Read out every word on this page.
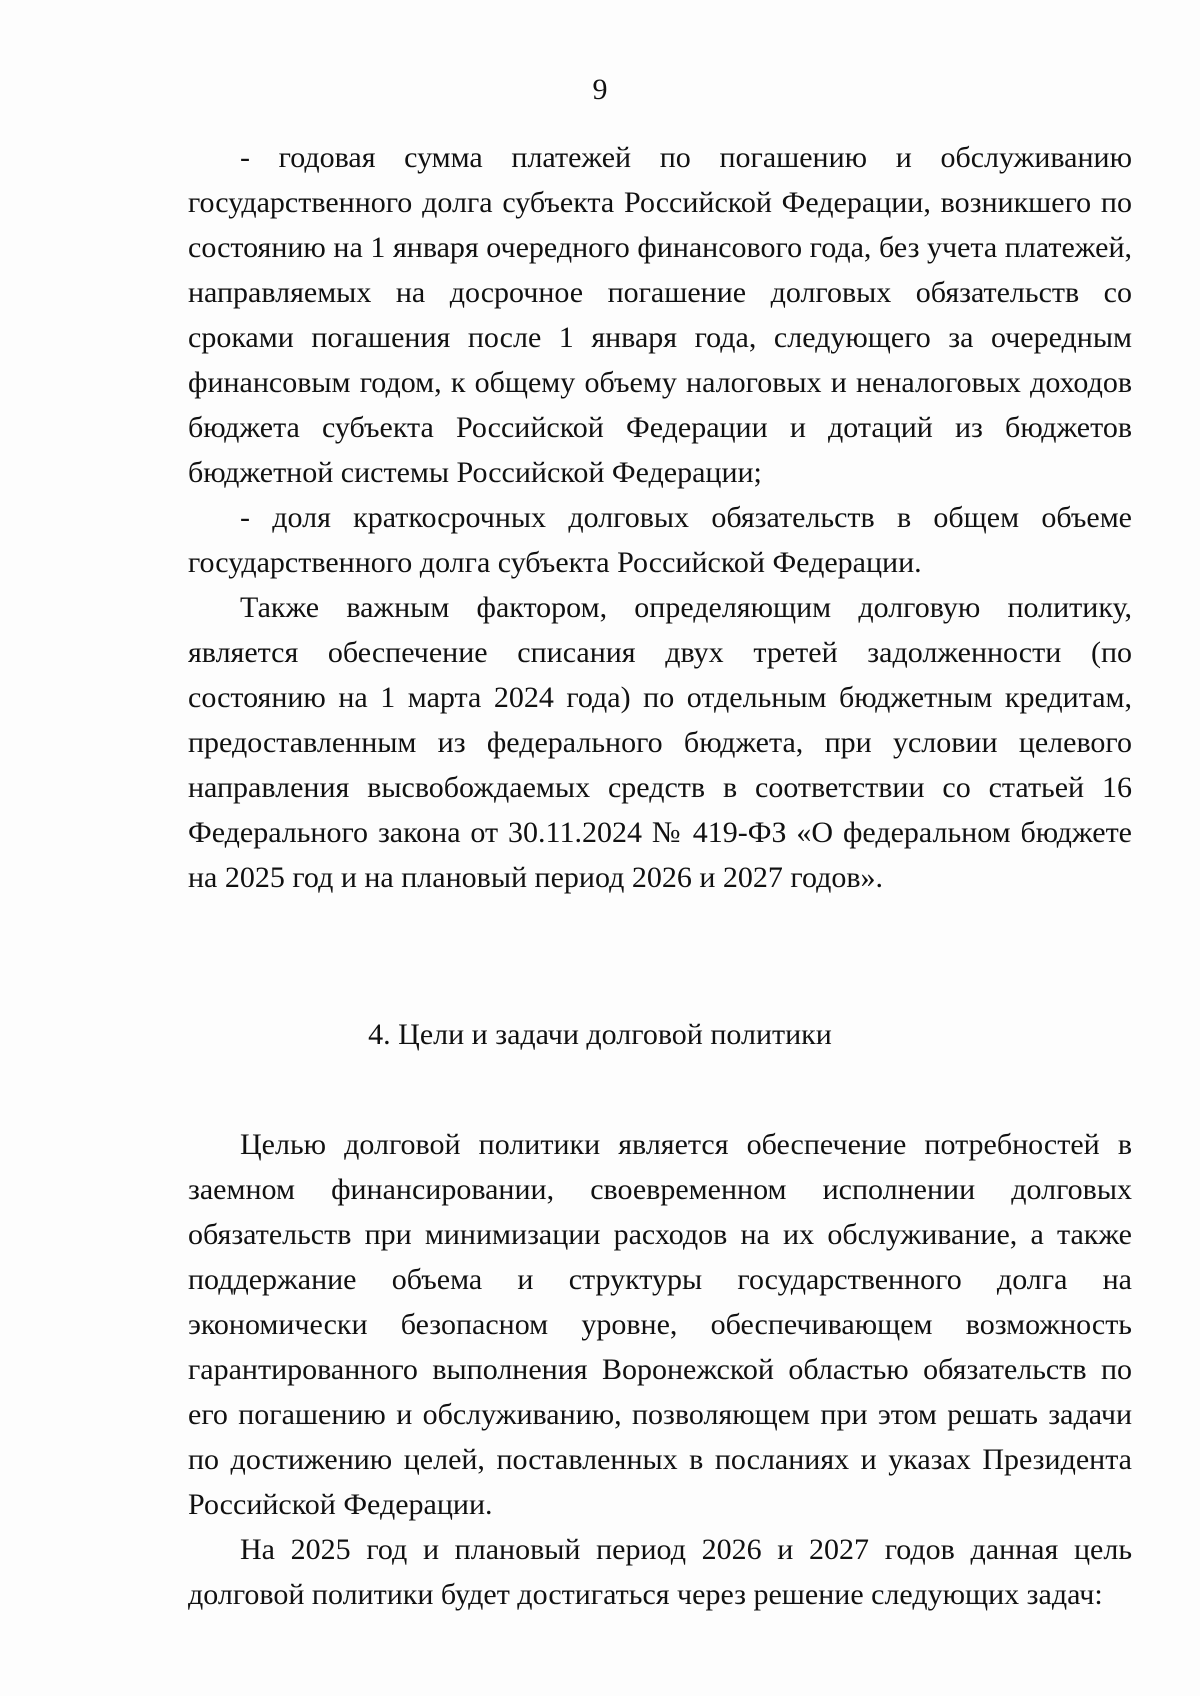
9

- годовая сумма платежей по погашению и обслуживанию государственного долга субъекта Российской Федерации, возникшего по состоянию на 1 января очередного финансового года, без учета платежей, направляемых на досрочное погашение долговых обязательств со сроками погашения после 1 января года, следующего за очередным финансовым годом, к общему объему налоговых и неналоговых доходов бюджета субъекта Российской Федерации и дотаций из бюджетов бюджетной системы Российской Федерации;

- доля краткосрочных долговых обязательств в общем объеме государственного долга субъекта Российской Федерации.

Также важным фактором, определяющим долговую политику, является обеспечение списания двух третей задолженности (по состоянию на 1 марта 2024 года) по отдельным бюджетным кредитам, предоставленным из федерального бюджета, при условии целевого направления высвобождаемых средств в соответствии со статьей 16 Федерального закона от 30.11.2024 № 419-ФЗ «О федеральном бюджете на 2025 год и на плановый период 2026 и 2027 годов».

4. Цели и задачи долговой политики

Целью долговой политики является обеспечение потребностей в заемном финансировании, своевременном исполнении долговых обязательств при минимизации расходов на их обслуживание, а также поддержание объема и структуры государственного долга на экономически безопасном уровне, обеспечивающем возможность гарантированного выполнения Воронежской областью обязательств по его погашению и обслуживанию, позволяющем при этом решать задачи по достижению целей, поставленных в посланиях и указах Президента Российской Федерации.

На 2025 год и плановый период 2026 и 2027 годов данная цель долговой политики будет достигаться через решение следующих задач:
